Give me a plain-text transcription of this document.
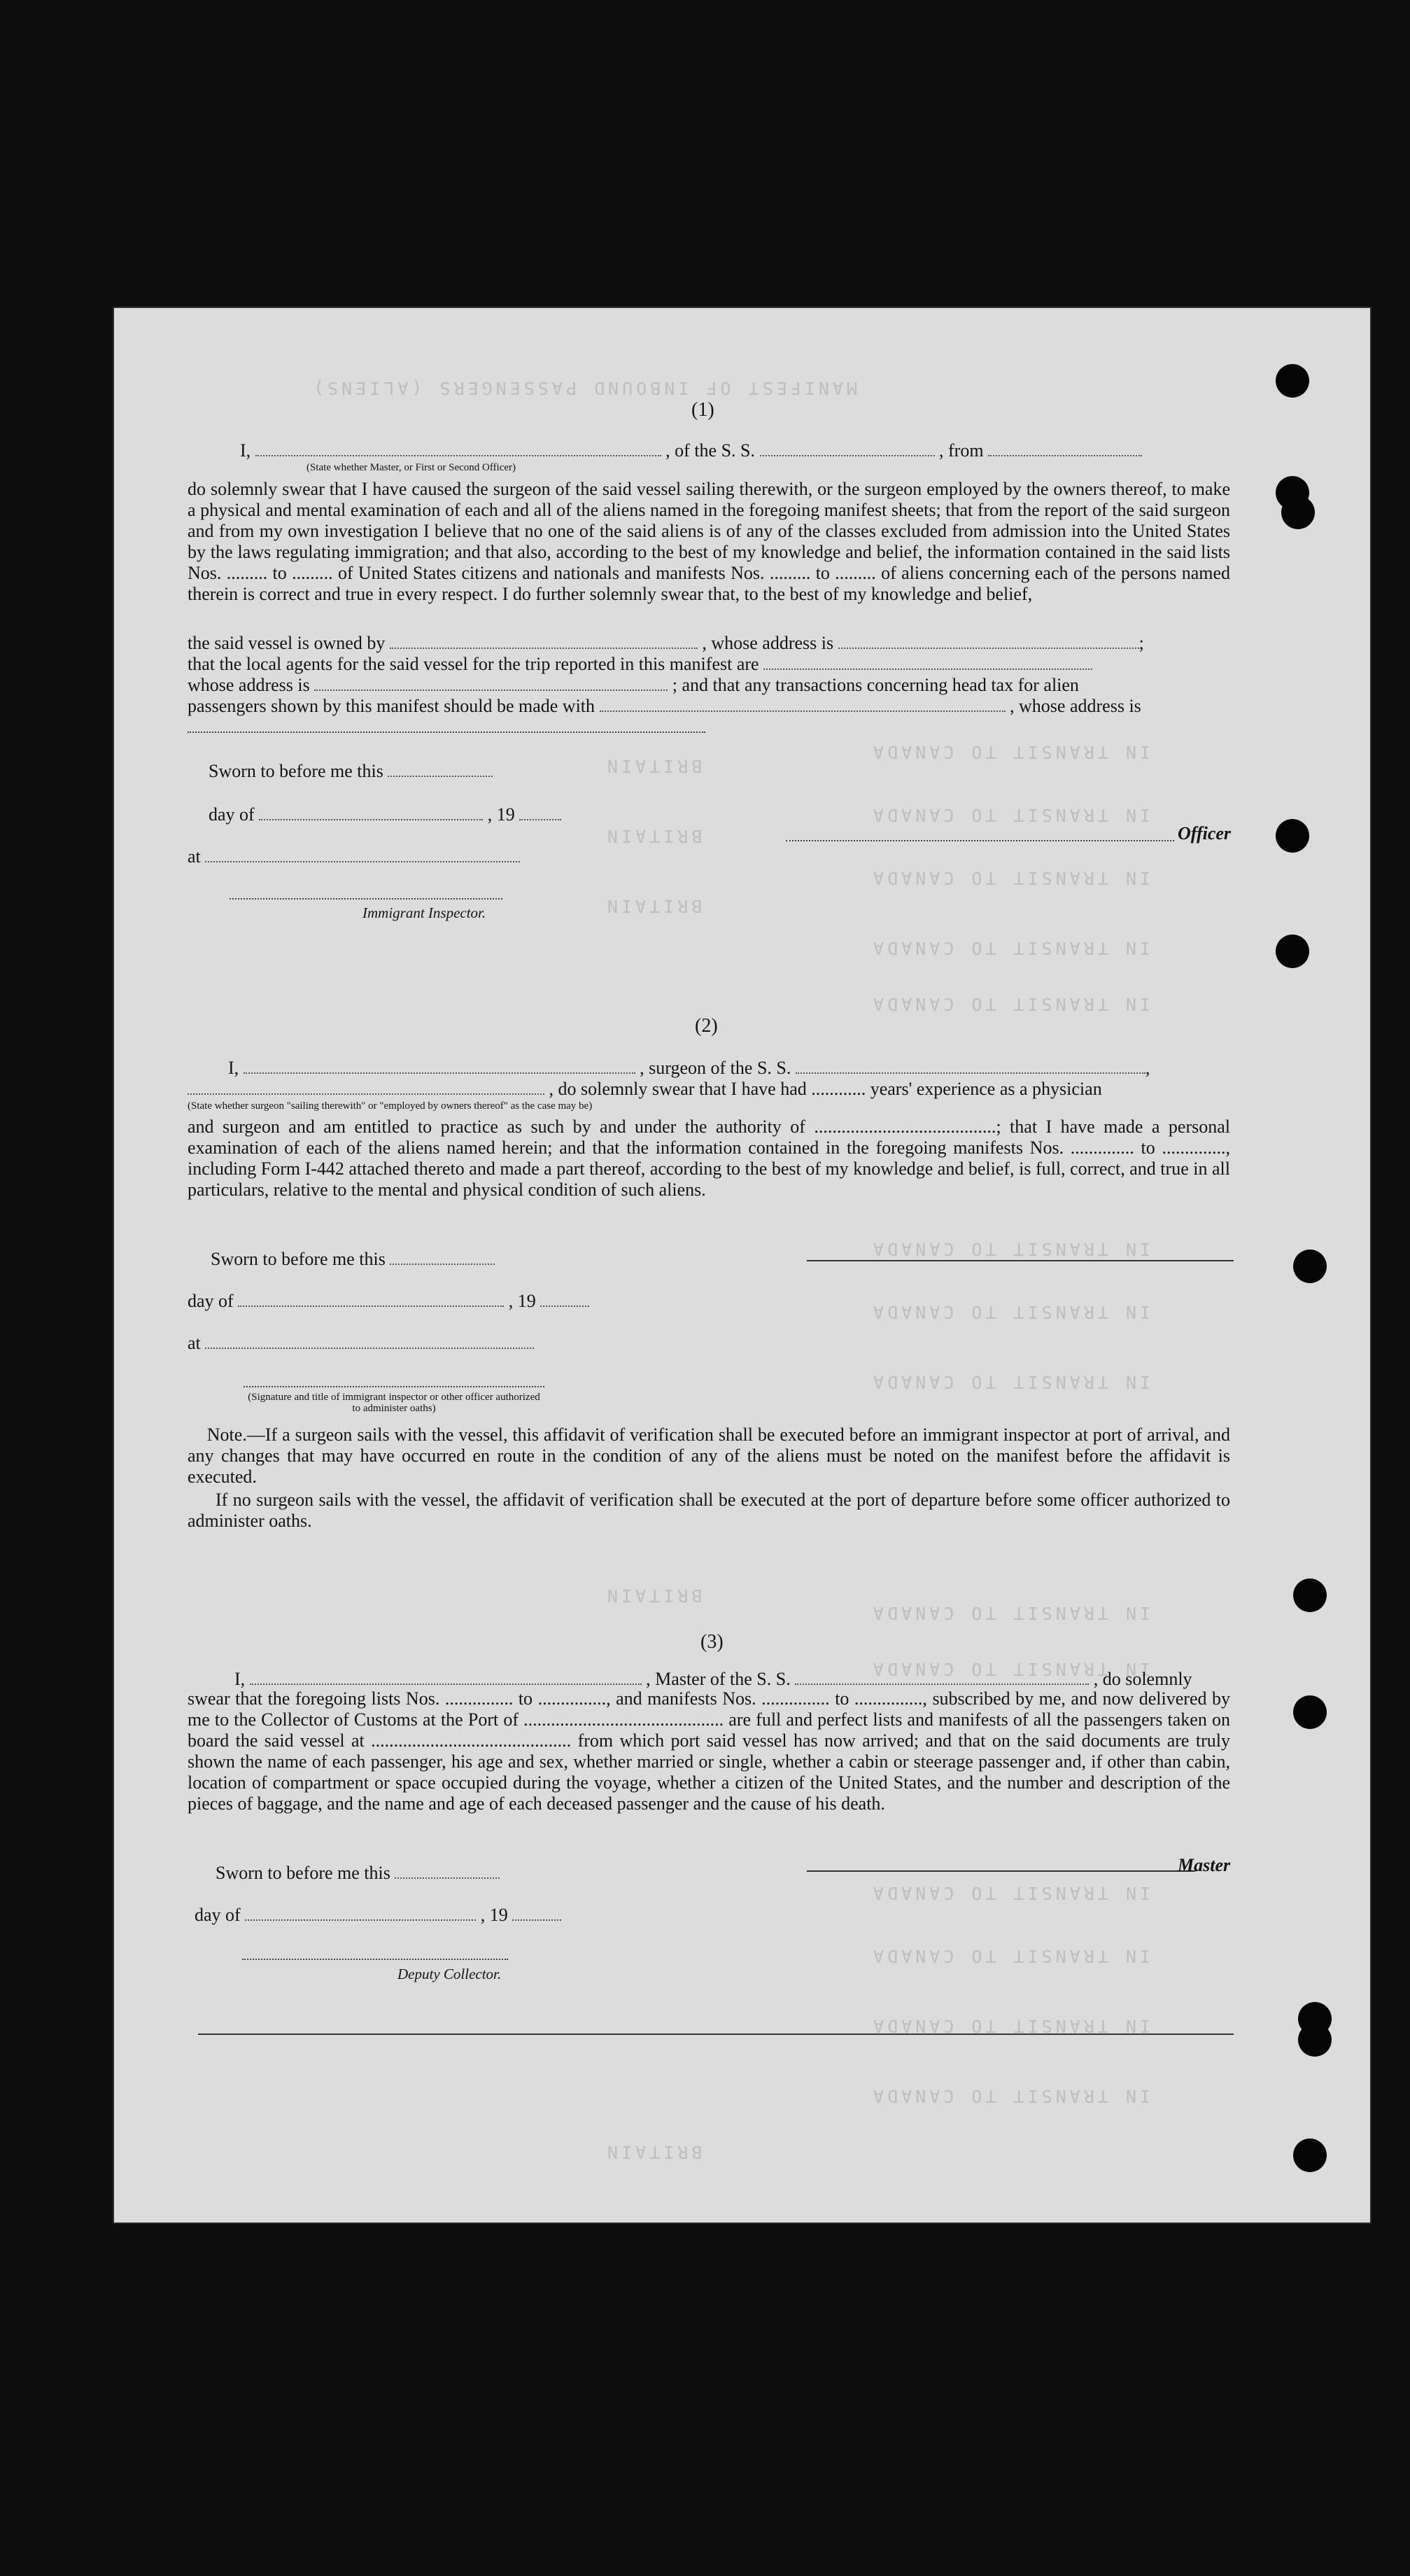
MANIFEST OF INBOUND PASSENGERS (ALIENS)
IN TRANSIT TO CANADA
BRITAIN
IN TRANSIT TO CANADA
BRITAIN
IN TRANSIT TO CANADA
BRITAIN
IN TRANSIT TO CANADA
IN TRANSIT TO CANADA
IN TRANSIT TO CANADA
IN TRANSIT TO CANADA
IN TRANSIT TO CANADA
IN TRANSIT TO CANADA
BRITAIN
IN TRANSIT TO CANADA
IN TRANSIT TO CANADA
IN TRANSIT TO CANADA
IN TRANSIT TO CANADA
IN TRANSIT TO CANADA
BRITAIN
(1)
I,	, of the S. S.	, from
(State whether Master, or First or Second Officer)
do solemnly swear that I have caused the surgeon of the said vessel sailing therewith, or the surgeon employed by the owners thereof, to make a physical and mental examination of each and all of the aliens named in the foregoing manifest sheets; that from the report of the said surgeon and from my own investigation I believe that no one of the said aliens is of any of the classes excluded from admission into the United States by the laws regulating immigration; and that also, according to the best of my knowledge and belief, the information contained in the said lists Nos. ......... to ......... of United States citizens and nationals and manifests Nos. ......... to ......... of aliens concerning each of the persons named therein is correct and true in every respect. I do further solemnly swear that, to the best of my knowledge and belief,
the said vessel is owned by	, whose address is	;
that the local agents for the said vessel for the trip reported in this manifest are
whose address is	; and that any transactions concerning head tax for alien
passengers shown by this manifest should be made with	, whose address is
Sworn to before me this
day of	, 19
at
Immigrant Inspector.
Officer
(2)
I,	, surgeon of the S. S.	,
, do solemnly swear that I have had ............ years' experience as a physician
(State whether surgeon "sailing therewith" or "employed by owners thereof" as the case may be)
and surgeon and am entitled to practice as such by and under the authority of ........................................; that I have made a personal examination of each of the aliens named herein; and that the information contained in the foregoing manifests Nos. .............. to .............., including Form I-442 attached thereto and made a part thereof, according to the best of my knowledge and belief, is full, correct, and true in all particulars, relative to the mental and physical condition of such aliens.
Sworn to before me this
day of	, 19
at
(Signature and title of immigrant inspector or other officer authorized to administer oaths)
Note.—If a surgeon sails with the vessel, this affidavit of verification shall be executed before an immigrant inspector at port of arrival, and any changes that may have occurred en route in the condition of any of the aliens must be noted on the manifest before the affidavit is executed.
If no surgeon sails with the vessel, the affidavit of verification shall be executed at the port of departure before some officer authorized to administer oaths.
(3)
I,	, Master of the S. S.	, do solemnly
swear that the foregoing lists Nos. ............... to ..............., and manifests Nos. ............... to ..............., subscribed by me, and now delivered by me to the Collector of Customs at the Port of ............................................ are full and perfect lists and manifests of all the passengers taken on board the said vessel at ............................................ from which port said vessel has now arrived; and that on the said documents are truly shown the name of each passenger, his age and sex, whether married or single, whether a cabin or steerage passenger and, if other than cabin, location of compartment or space occupied during the voyage, whether a citizen of the United States, and the number and description of the pieces of baggage, and the name and age of each deceased passenger and the cause of his death.
Sworn to before me this
day of	, 19
Deputy Collector.
Master
